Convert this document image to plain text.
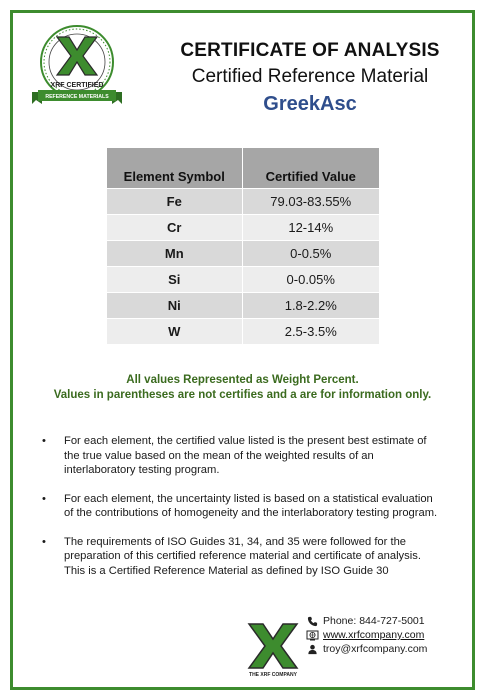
XRF CERTIFIED
REFERENCE MATERIALS
CERTIFICATE OF ANALYSIS
Certified Reference Material
GreekAsc
Element Symbol	Certified Value
Fe	79.03-83.55%
Cr	12-14%
Mn	0-0.5%
Si	0-0.05%
Ni	1.8-2.2%
W	2.5-3.5%
All values Represented as Weight Percent.
Values in parentheses are not certifies and a are for information only.
• For each element, the certified value listed is the present best estimate of the true value based on the mean of the weighted results of an interlaboratory testing program.
• For each element, the uncertainty listed is based on a statistical evaluation of the contributions of homogeneity and the interlaboratory testing program.
• The requirements of ISO Guides 31, 34, and 35 were followed for the preparation of this certified reference material and certificate of analysis. This is a Certified Reference Material as defined by ISO Guide 30
THE XRF COMPANY
Phone: 844-727-5001
www.xrfcompany.com
troy@xrfcompany.com
